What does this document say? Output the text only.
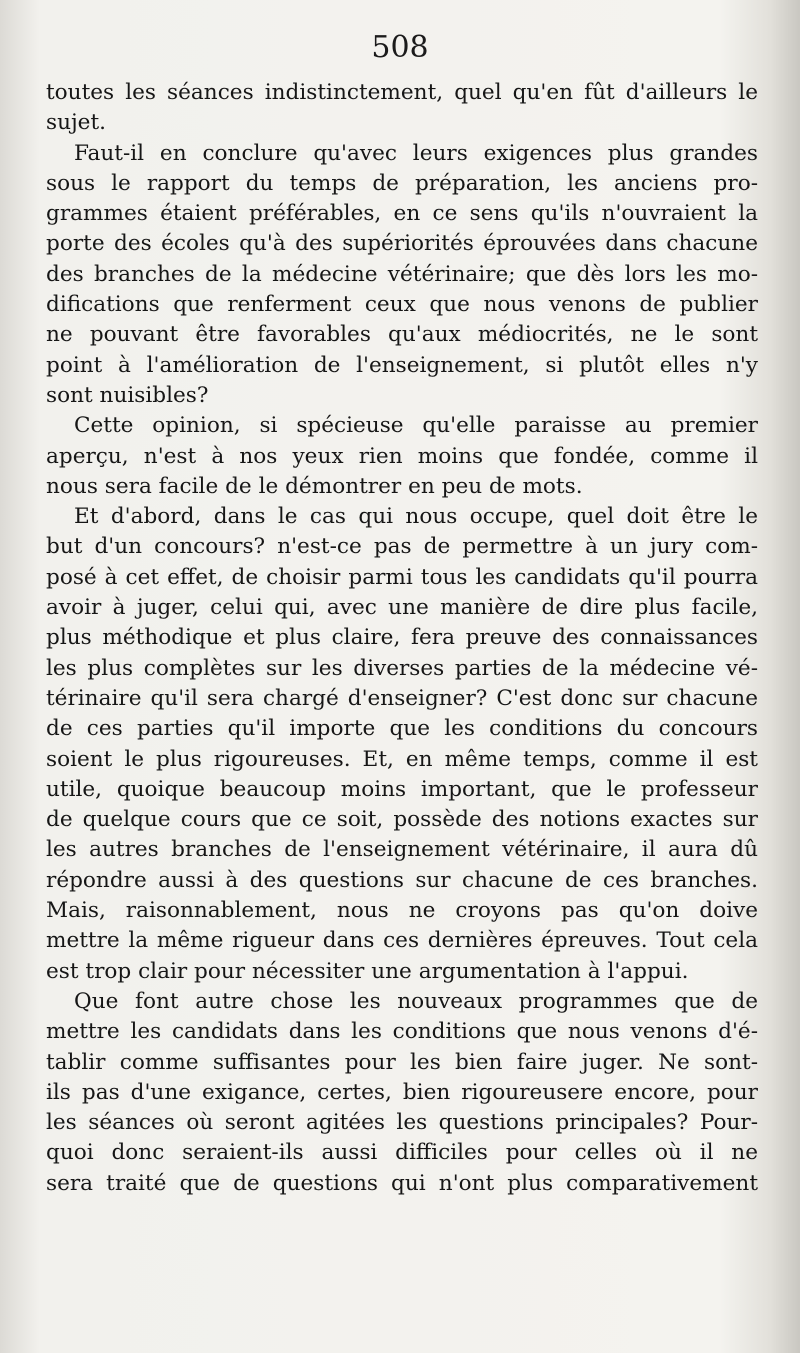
508
toutes les séances indistinctement, quel qu'en fût d'ailleurs le
sujet.
Faut-il en conclure qu'avec leurs exigences plus grandes
sous le rapport du temps de préparation, les anciens pro-
grammes étaient préférables, en ce sens qu'ils n'ouvraient la
porte des écoles qu'à des supériorités éprouvées dans chacune
des branches de la médecine vétérinaire; que dès lors les mo-
difications que renferment ceux que nous venons de publier
ne pouvant être favorables qu'aux médiocrités, ne le sont
point à l'amélioration de l'enseignement, si plutôt elles n'y
sont nuisibles?
Cette opinion, si spécieuse qu'elle paraisse au premier
aperçu, n'est à nos yeux rien moins que fondée, comme il
nous sera facile de le démontrer en peu de mots.
Et d'abord, dans le cas qui nous occupe, quel doit être le
but d'un concours? n'est-ce pas de permettre à un jury com-
posé à cet effet, de choisir parmi tous les candidats qu'il pourra
avoir à juger, celui qui, avec une manière de dire plus facile,
plus méthodique et plus claire, fera preuve des connaissances
les plus complètes sur les diverses parties de la médecine vé-
térinaire qu'il sera chargé d'enseigner? C'est donc sur chacune
de ces parties qu'il importe que les conditions du concours
soient le plus rigoureuses. Et, en même temps, comme il est
utile, quoique beaucoup moins important, que le professeur
de quelque cours que ce soit, possède des notions exactes sur
les autres branches de l'enseignement vétérinaire, il aura dû
répondre aussi à des questions sur chacune de ces branches.
Mais, raisonnablement, nous ne croyons pas qu'on doive
mettre la même rigueur dans ces dernières épreuves. Tout cela
est trop clair pour nécessiter une argumentation à l'appui.
Que font autre chose les nouveaux programmes que de
mettre les candidats dans les conditions que nous venons d'é-
tablir comme suffisantes pour les bien faire juger. Ne sont-
ils pas d'une exigance, certes, bien rigoureusere encore, pour
les séances où seront agitées les questions principales? Pour-
quoi donc seraient-ils aussi difficiles pour celles où il ne
sera traité que de questions qui n'ont plus comparativement
